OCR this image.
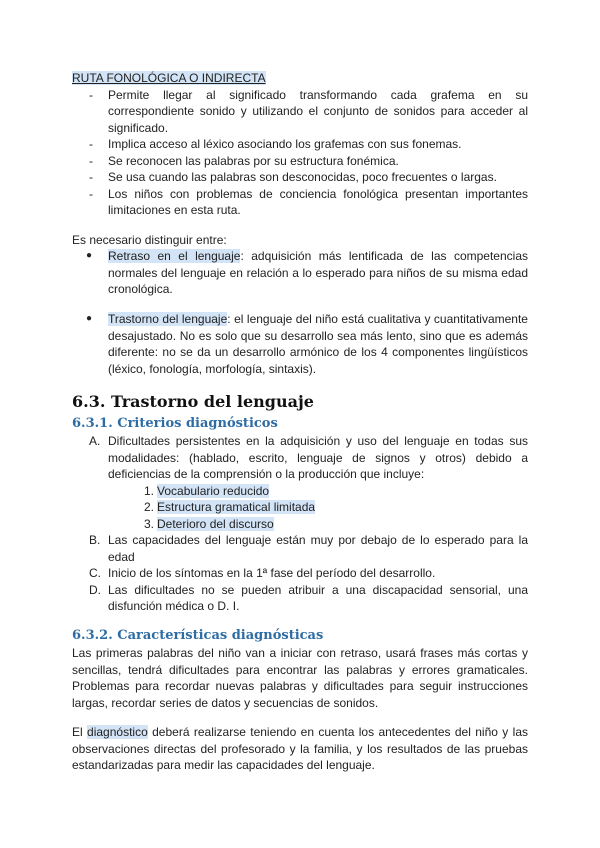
RUTA FONOLÓGICA O INDIRECTA
- Permite llegar al significado transformando cada grafema en su correspondiente sonido y utilizando el conjunto de sonidos para acceder al significado.
- Implica acceso al léxico asociando los grafemas con sus fonemas.
- Se reconocen las palabras por su estructura fonémica.
- Se usa cuando las palabras son desconocidas, poco frecuentes o largas.
- Los niños con problemas de conciencia fonológica presentan importantes limitaciones en esta ruta.
Es necesario distinguir entre:
● Retraso en el lenguaje: adquisición más lentificada de las competencias normales del lenguaje en relación a lo esperado para niños de su misma edad cronológica.
● Trastorno del lenguaje: el lenguaje del niño está cualitativa y cuantitativamente desajustado. No es solo que su desarrollo sea más lento, sino que es además diferente: no se da un desarrollo armónico de los 4 componentes lingüísticos (léxico, fonología, morfología, sintaxis).
6.3. Trastorno del lenguaje
6.3.1. Criterios diagnósticos
A. Dificultades persistentes en la adquisición y uso del lenguaje en todas sus modalidades: (hablado, escrito, lenguaje de signos y otros) debido a deficiencias de la comprensión o la producción que incluye:
1. Vocabulario reducido
2. Estructura gramatical limitada
3. Deterioro del discurso
B. Las capacidades del lenguaje están muy por debajo de lo esperado para la edad
C. Inicio de los síntomas en la 1ª fase del período del desarrollo.
D. Las dificultades no se pueden atribuir a una discapacidad sensorial, una disfunción médica o D. I.
6.3.2. Características diagnósticas

Las primeras palabras del niño van a iniciar con retraso, usará frases más cortas y sencillas, tendrá dificultades para encontrar las palabras y errores gramaticales. Problemas para recordar nuevas palabras y dificultades para seguir instrucciones largas, recordar series de datos y secuencias de sonidos.

El diagnóstico deberá realizarse teniendo en cuenta los antecedentes del niño y las observaciones directas del profesorado y la familia, y los resultados de las pruebas estandarizadas para medir las capacidades del lenguaje.
